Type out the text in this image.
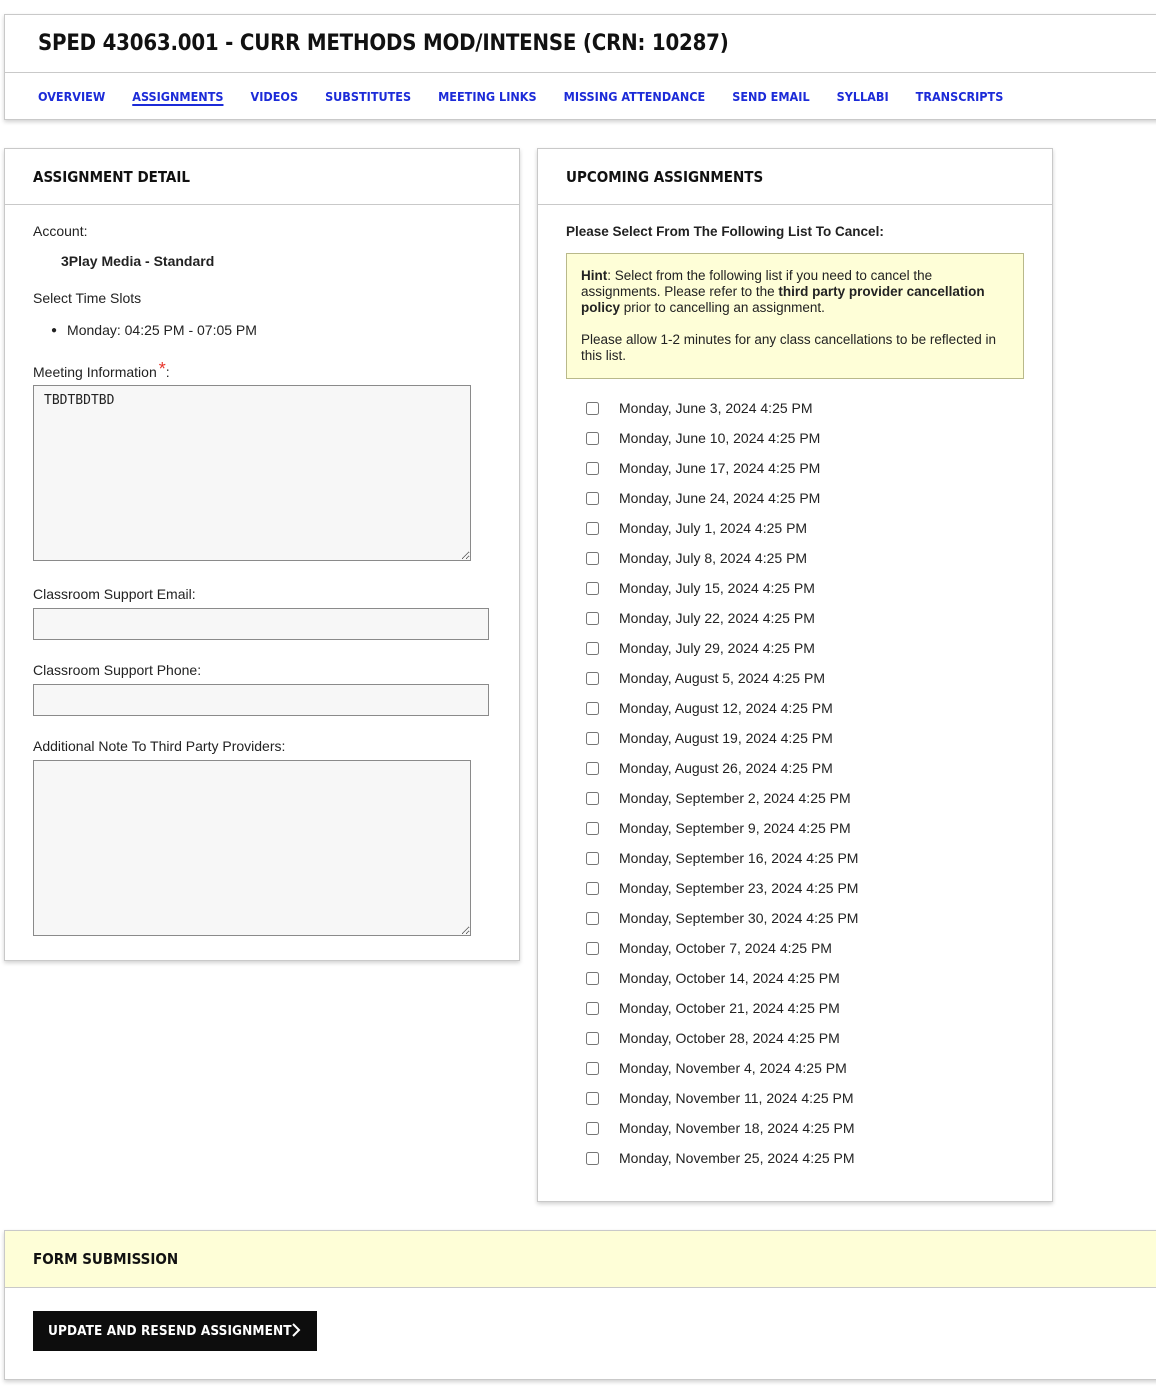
SPED 43063.001 - CURR METHODS MOD/INTENSE (CRN: 10287)
OVERVIEW ASSIGNMENTS VIDEOS SUBSTITUTES MEETING LINKS MISSING ATTENDANCE SEND EMAIL SYLLABI TRANSCRIPTS
ASSIGNMENT DETAIL
Account:
3Play Media - Standard
Select Time Slots
● Monday: 04:25 PM - 07:05 PM
Meeting Information *:
TBDTBDTBD
Classroom Support Email:
Classroom Support Phone:
Additional Note To Third Party Providers:
UPCOMING ASSIGNMENTS
Please Select From The Following List To Cancel:

Hint: Select from the following list if you need to cancel the assignments. Please refer to the third party provider cancellation policy prior to cancelling an assignment.

Please allow 1-2 minutes for any class cancellations to be reflected in this list.

Monday, June 3, 2024 4:25 PM
Monday, June 10, 2024 4:25 PM
Monday, June 17, 2024 4:25 PM
Monday, June 24, 2024 4:25 PM
Monday, July 1, 2024 4:25 PM
Monday, July 8, 2024 4:25 PM
Monday, July 15, 2024 4:25 PM
Monday, July 22, 2024 4:25 PM
Monday, July 29, 2024 4:25 PM
Monday, August 5, 2024 4:25 PM
Monday, August 12, 2024 4:25 PM
Monday, August 19, 2024 4:25 PM
Monday, August 26, 2024 4:25 PM
Monday, September 2, 2024 4:25 PM
Monday, September 9, 2024 4:25 PM
Monday, September 16, 2024 4:25 PM
Monday, September 23, 2024 4:25 PM
Monday, September 30, 2024 4:25 PM
Monday, October 7, 2024 4:25 PM
Monday, October 14, 2024 4:25 PM
Monday, October 21, 2024 4:25 PM
Monday, October 28, 2024 4:25 PM
Monday, November 4, 2024 4:25 PM
Monday, November 11, 2024 4:25 PM
Monday, November 18, 2024 4:25 PM
Monday, November 25, 2024 4:25 PM
FORM SUBMISSION
UPDATE AND RESEND ASSIGNMENT
